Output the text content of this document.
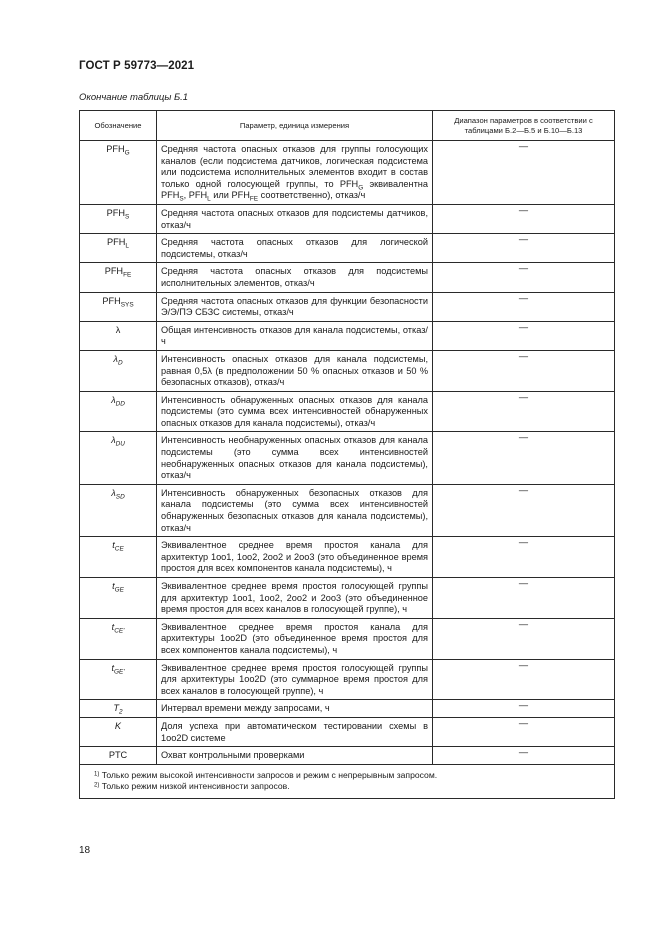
ГОСТ Р 59773—2021
Окончание таблицы Б.1
Обозначение	Параметр, единица измерения	Диапазон параметров в соответствии с таблицами Б.2—Б.5 и Б.10—Б.13
$PFH_G$	Средняя частота опасных отказов для группы голосующих каналов (если подсистема датчиков, логическая подсистема или подсистема исполнительных элементов входит в состав только одной голосующей группы, то $PFH_G$ эквивалентна $PFH_S$, $PFH_L$ или $PFH_{FE}$ соответственно), отказ/ч	—
$PFH_S$	Средняя частота опасных отказов для подсистемы датчиков, отказ/ч	—
$PFH_L$	Средняя частота опасных отказов для логической подсистемы, отказ/ч	—
$PFH_{FE}$	Средняя частота опасных отказов для подсистемы исполнительных элементов, отказ/ч	—
$PFH_{SYS}$	Средняя частота опасных отказов для функции безопасности Э/Э/ПЭ СБЗС системы, отказ/ч	—
λ	Общая интенсивность отказов для канала подсистемы, отказ/ч	—
$\lambda_D$	Интенсивность опасных отказов для канала подсистемы, равная 0,5λ (в предположении 50 % опасных отказов и 50 % безопасных отказов), отказ/ч	—
$\lambda_{DD}$	Интенсивность обнаруженных опасных отказов для канала подсистемы (это сумма всех интенсивностей обнаруженных опасных отказов для канала подсистемы), отказ/ч	—
$\lambda_{DU}$	Интенсивность необнаруженных опасных отказов для канала подсистемы (это сумма всех интенсивностей необнаруженных опасных отказов для канала подсистемы), отказ/ч	—
$\lambda_{SD}$	Интенсивность обнаруженных безопасных отказов для канала подсистемы (это сумма всех интенсивностей обнаруженных безопасных отказов для канала подсистемы), отказ/ч	—
$t_{CE}$	Эквивалентное среднее время простоя канала для архитектур 1oo1, 1oo2, 2oo2 и 2oo3 (это объединенное время простоя для всех компонентов канала подсистемы), ч	—
$t_{GE}$	Эквивалентное среднее время простоя голосующей группы для архитектур 1oo1, 1oo2, 2oo2 и 2oo3 (это объединенное время простоя для всех каналов в голосующей группе), ч	—
$t_{CE'}$	Эквивалентное среднее время простоя канала для архитектуры 1oo2D (это объединенное время простоя для всех компонентов канала подсистемы), ч	—
$t_{GE'}$	Эквивалентное среднее время простоя голосующей группы для архитектуры 1oo2D (это суммарное время простоя для всех каналов в голосующей группе), ч	—
$T_2$	Интервал времени между запросами, ч	—
K	Доля успеха при автоматическом тестировании схемы в 1oo2D системе	—
PTC	Охват контрольными проверками	—

$^{1)}$ Только режим высокой интенсивности запросов и режим с непрерывным запросом.
$^{2)}$ Только режим низкой интенсивности запросов.		
18
